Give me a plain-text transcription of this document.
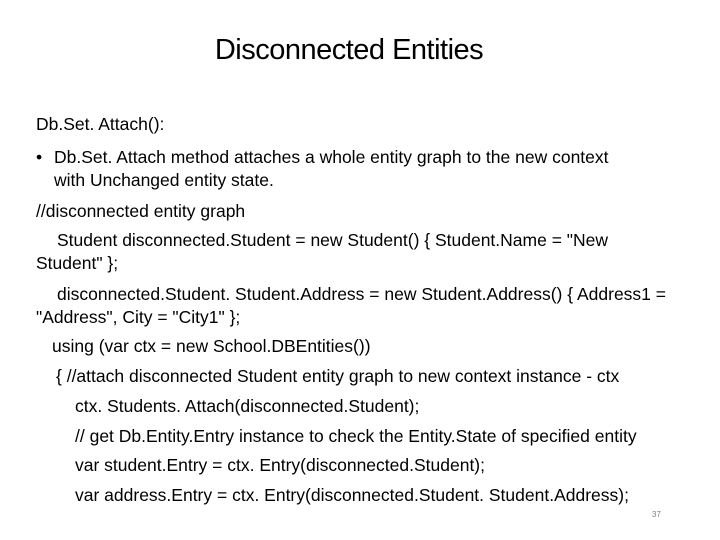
Disconnected Entities
Db.Set. Attach():
• Db.Set. Attach method attaches a whole entity graph to the new context
with Unchanged entity state.
//disconnected entity graph
Student disconnected.Student = new Student() { Student.Name = "New
Student" };
disconnected.Student. Student.Address = new Student.Address() { Address1 =
"Address", City = "City1" };
using (var ctx = new School.DBEntities())
{ //attach disconnected Student entity graph to new context instance - ctx
ctx. Students. Attach(disconnected.Student);
// get Db.Entity.Entry instance to check the Entity.State of specified entity
var student.Entry = ctx. Entry(disconnected.Student);
var address.Entry = ctx. Entry(disconnected.Student. Student.Address);
37
